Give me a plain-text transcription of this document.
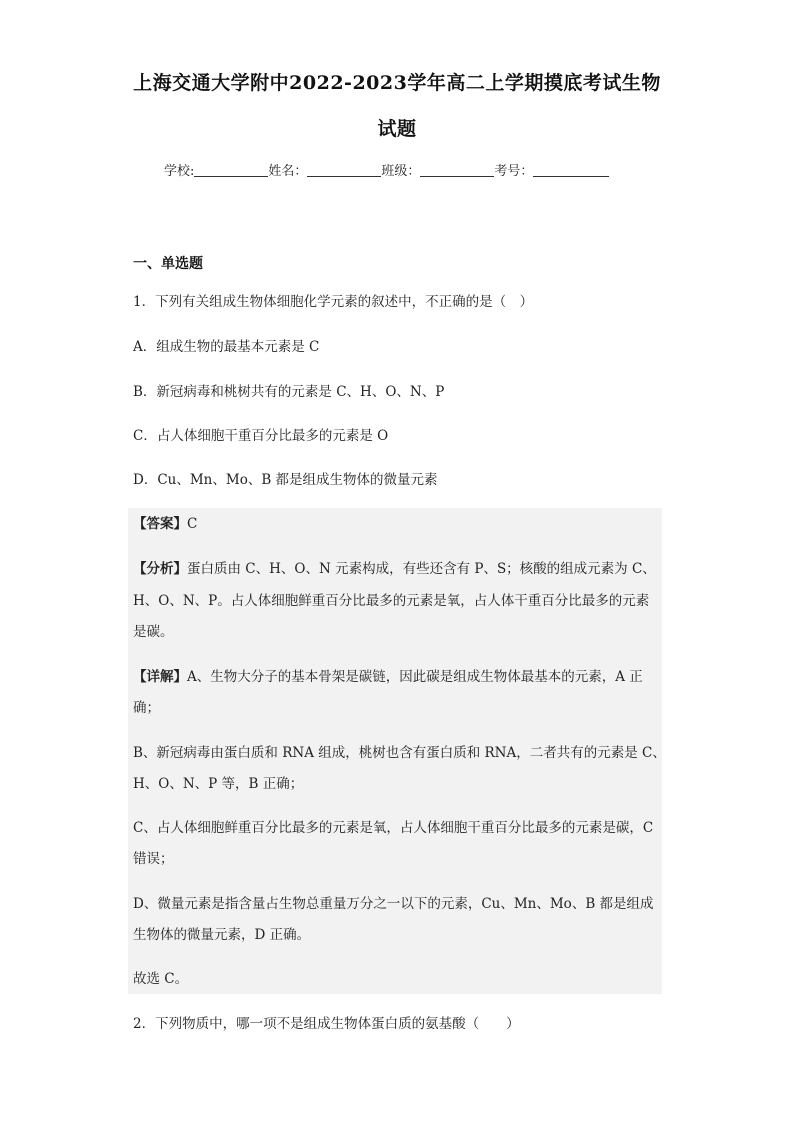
上海交通大学附中2022-2023学年高二上学期摸底考试生物
试题
学校:	姓名：	班级：	考号：
一、单选题
1．下列有关组成生物体细胞化学元素的叙述中，不正确的是（　）
A．组成生物的最基本元素是 C
B．新冠病毒和桃树共有的元素是 C、H、O、N、P
C．占人体细胞干重百分比最多的元素是 O
D．Cu、Mn、Mo、B 都是组成生物体的微量元素
【答案】C
【分析】蛋白质由 C、H、O、N 元素构成，有些还含有 P、S；核酸的组成元素为 C、
H、O、N、P。占人体细胞鲜重百分比最多的元素是氧，占人体干重百分比最多的元素
是碳。
【详解】A、生物大分子的基本骨架是碳链，因此碳是组成生物体最基本的元素，A 正
确；
B、新冠病毒由蛋白质和 RNA 组成，桃树也含有蛋白质和 RNA，二者共有的元素是 C、
H、O、N、P 等，B 正确；
C、占人体细胞鲜重百分比最多的元素是氧，占人体细胞干重百分比最多的元素是碳，C
错误；
D、微量元素是指含量占生物总重量万分之一以下的元素，Cu、Mn、Mo、B 都是组成
生物体的微量元素，D 正确。
故选 C。
2．下列物质中，哪一项不是组成生物体蛋白质的氨基酸（　　）
